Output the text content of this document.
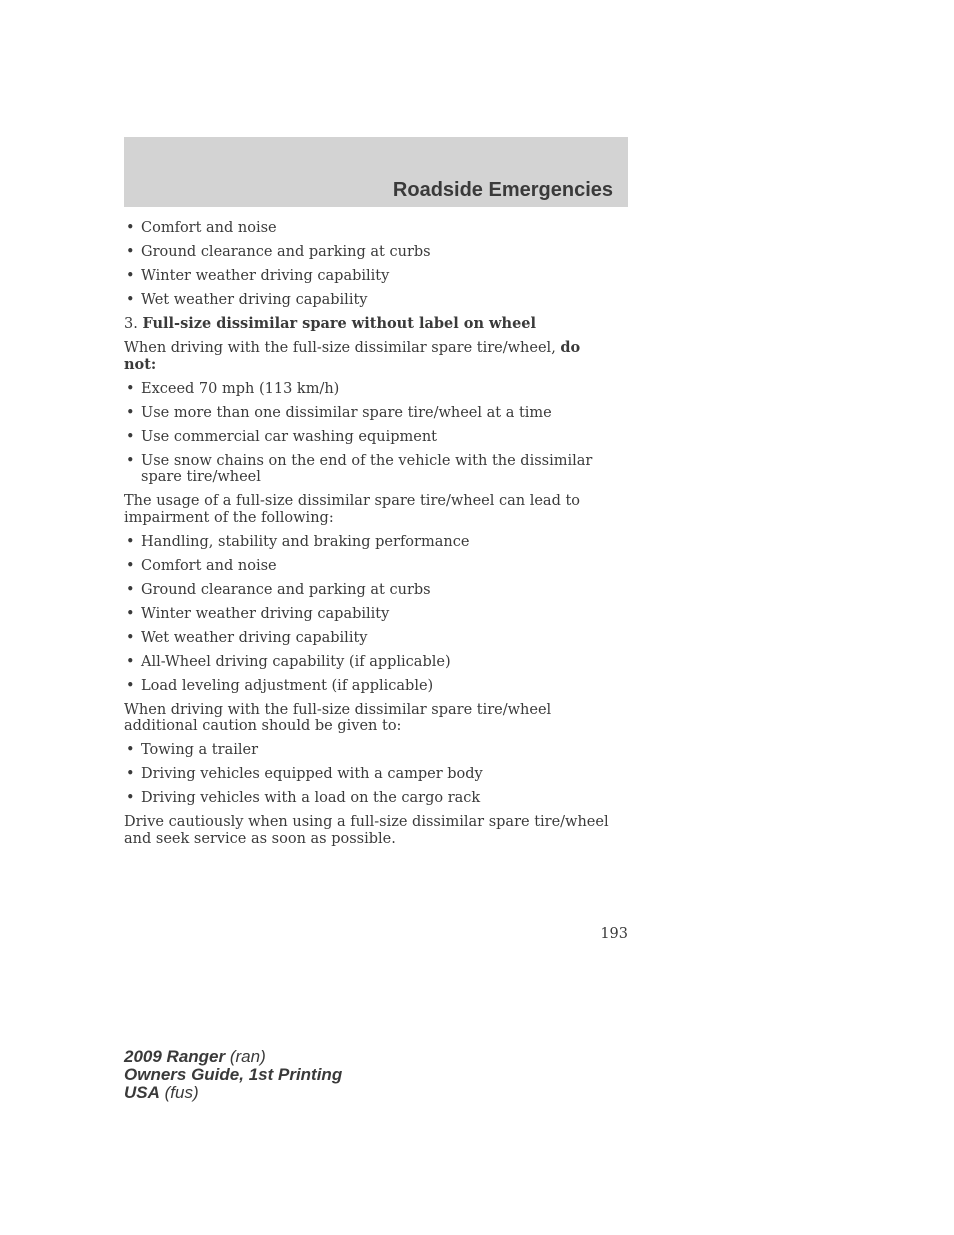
Roadside Emergencies
• Comfort and noise
• Ground clearance and parking at curbs
• Winter weather driving capability
• Wet weather driving capability
3. Full-size dissimilar spare without label on wheel
When driving with the full-size dissimilar spare tire/wheel, do not:
• Exceed 70 mph (113 km/h)
• Use more than one dissimilar spare tire/wheel at a time
• Use commercial car washing equipment
• Use snow chains on the end of the vehicle with the dissimilar spare tire/wheel
The usage of a full-size dissimilar spare tire/wheel can lead to impairment of the following:
• Handling, stability and braking performance
• Comfort and noise
• Ground clearance and parking at curbs
• Winter weather driving capability
• Wet weather driving capability
• All-Wheel driving capability (if applicable)
• Load leveling adjustment (if applicable)
When driving with the full-size dissimilar spare tire/wheel additional caution should be given to:
• Towing a trailer
• Driving vehicles equipped with a camper body
• Driving vehicles with a load on the cargo rack
Drive cautiously when using a full-size dissimilar spare tire/wheel and seek service as soon as possible.
193
2009 Ranger (ran)
Owners Guide, 1st Printing
USA (fus)
